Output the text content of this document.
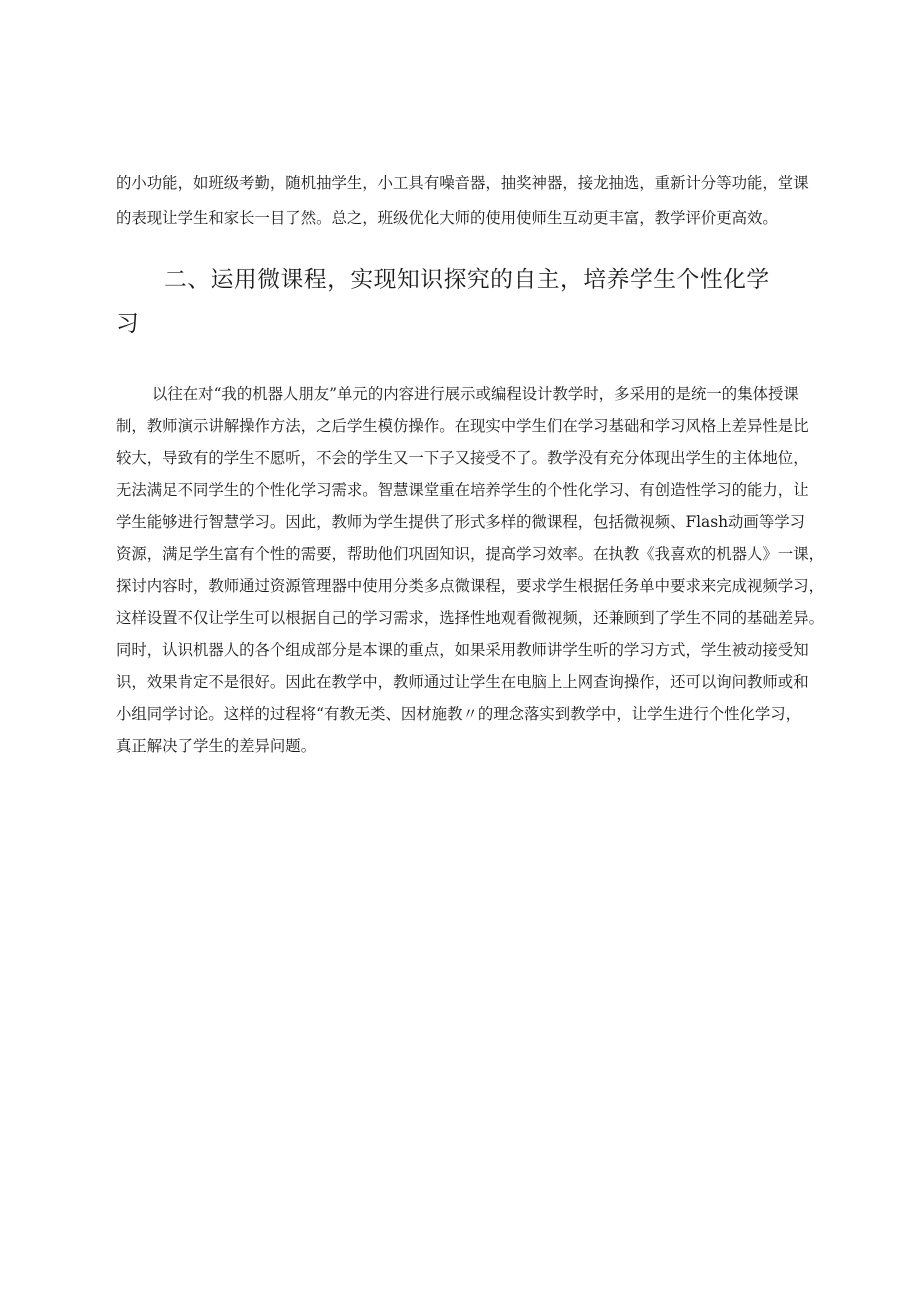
的小功能，如班级考勤，随机抽学生，小工具有噪音器，抽奖神器，接龙抽选，重新计分等功能，堂课
的表现让学生和家长一目了然。总之，班级优化大师的使用使师生互动更丰富，教学评价更高效。

二、运用微课程，实现知识探究的自主，培养学生个性化学
习

以往在对“我的机器人朋友”单元的内容进行展示或编程设计教学时，多采用的是统一的集体授课
制，教师演示讲解操作方法，之后学生模仿操作。在现实中学生们在学习基础和学习风格上差异性是比
较大，导致有的学生不愿听，不会的学生又一下子又接受不了。教学没有充分体现出学生的主体地位，
无法满足不同学生的个性化学习需求。智慧课堂重在培养学生的个性化学习、有创造性学习的能力，让
学生能够进行智慧学习。因此，教师为学生提供了形式多样的微课程，包括微视频、Flash动画等学习
资源，满足学生富有个性的需要，帮助他们巩固知识，提高学习效率。在执教《我喜欢的机器人》一课，
探讨内容时，教师通过资源管理器中使用分类多点微课程，要求学生根据任务单中要求来完成视频学习，
这样设置不仅让学生可以根据自己的学习需求，选择性地观看微视频，还兼顾到了学生不同的基础差异。
同时，认识机器人的各个组成部分是本课的重点，如果采用教师讲学生听的学习方式，学生被动接受知
识，效果肯定不是很好。因此在教学中，教师通过让学生在电脑上上网查询操作，还可以询问教师或和
小组同学讨论。这样的过程将“有教无类、因材施教〃的理念落实到教学中，让学生进行个性化学习，
真正解决了学生的差异问题。
